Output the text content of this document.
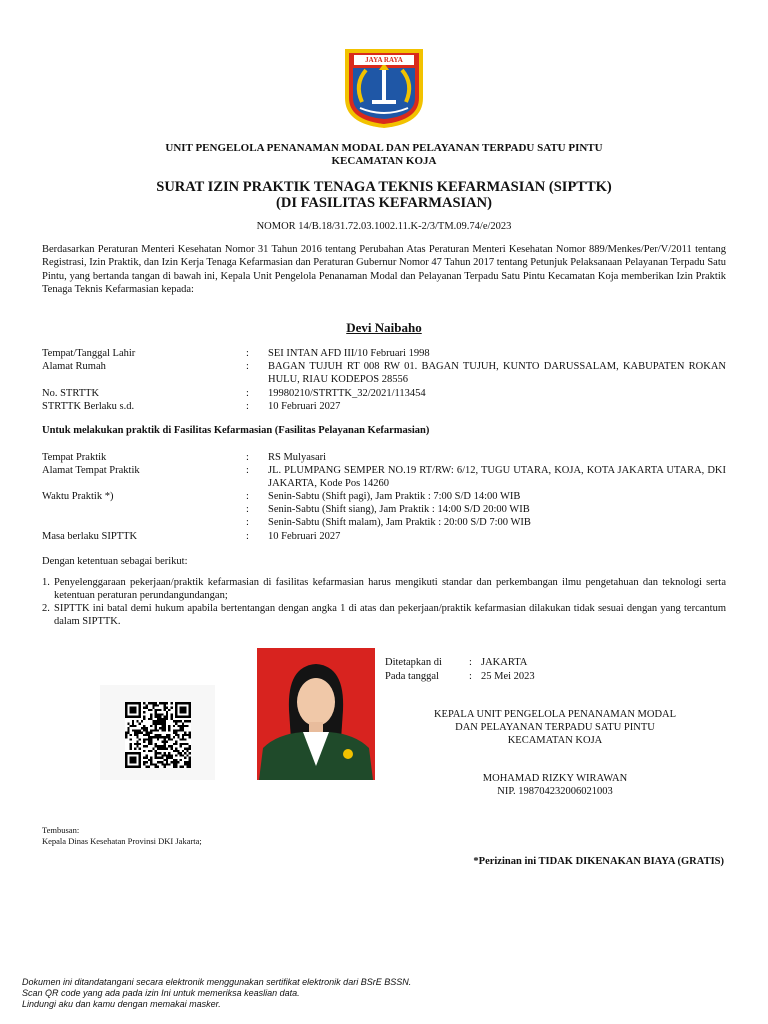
JAYA RAYA
UNIT PENGELOLA PENANAMAN MODAL DAN PELAYANAN TERPADU SATU PINTU
KECAMATAN KOJA
SURAT IZIN PRAKTIK TENAGA TEKNIS KEFARMASIAN (SIPTTK)
(DI FASILITAS KEFARMASIAN)
NOMOR 14/B.18/31.72.03.1002.11.K-2/3/TM.09.74/e/2023
Berdasarkan Peraturan Menteri Kesehatan Nomor 31 Tahun 2016 tentang Perubahan Atas Peraturan Menteri Kesehatan Nomor 889/Menkes/Per/V/2011 tentang Registrasi, Izin Praktik, dan Izin Kerja Tenaga Kefarmasian dan Peraturan Gubernur Nomor 47 Tahun 2017 tentang Petunjuk Pelaksanaan Pelayanan Terpadu Satu Pintu, yang bertanda tangan di bawah ini, Kepala Unit Pengelola Penanaman Modal dan Pelayanan Terpadu Satu Pintu Kecamatan Koja memberikan Izin Praktik Tenaga Teknis Kefarmasian kepada:
Devi Naibaho
Tempat/Tanggal Lahir	:	SEI INTAN AFD III/10 Februari 1998
Alamat Rumah	:	BAGAN TUJUH RT 008 RW 01. BAGAN TUJUH, KUNTO DARUSSALAM, KABUPATEN ROKAN HULU, RIAU KODEPOS 28556
No. STRTTK	:	19980210/STRTTK_32/2021/113454
STRTTK Berlaku s.d.	:	10 Februari 2027
Untuk melakukan praktik di Fasilitas Kefarmasian (Fasilitas Pelayanan Kefarmasian)
Tempat Praktik	:	RS Mulyasari
Alamat Tempat Praktik	:	JL. PLUMPANG SEMPER NO.19 RT/RW: 6/12, TUGU UTARA, KOJA, KOTA JAKARTA UTARA, DKI JAKARTA, Kode Pos 14260
Waktu Praktik *)	:	Senin-Sabtu (Shift pagi), Jam Praktik : 7:00 S/D 14:00 WIB
:	Senin-Sabtu (Shift siang), Jam Praktik : 14:00 S/D 20:00 WIB
:	Senin-Sabtu (Shift malam), Jam Praktik : 20:00 S/D 7:00 WIB
Masa berlaku SIPTTK	:	10 Februari 2027
Dengan ketentuan sebagai berikut:
1. Penyelenggaraan pekerjaan/praktik kefarmasian di fasilitas kefarmasian harus mengikuti standar dan perkembangan ilmu pengetahuan dan teknologi serta ketentuan peraturan perundangundangan;
2. SIPTTK ini batal demi hukum apabila bertentangan dengan angka 1 di atas dan pekerjaan/praktik kefarmasian dilakukan tidak sesuai dengan yang tercantum dalam SIPTTK.
Ditetapkan di	: JAKARTA
Pada tanggal	: 25 Mei 2023
KEPALA UNIT PENGELOLA PENANAMAN MODAL
DAN PELAYANAN TERPADU SATU PINTU
KECAMATAN KOJA
MOHAMAD RIZKY WIRAWAN
NIP. 198704232006021003
Tembusan:
Kepala Dinas Kesehatan Provinsi DKI Jakarta;
*Perizinan ini TIDAK DIKENAKAN BIAYA (GRATIS)
Dokumen ini ditandatangani secara elektronik menggunakan sertifikat elektronik dari BSrE BSSN.
Scan QR code yang ada pada izin Ini untuk memeriksa keaslian data.
Lindungi aku dan kamu dengan memakai masker.
